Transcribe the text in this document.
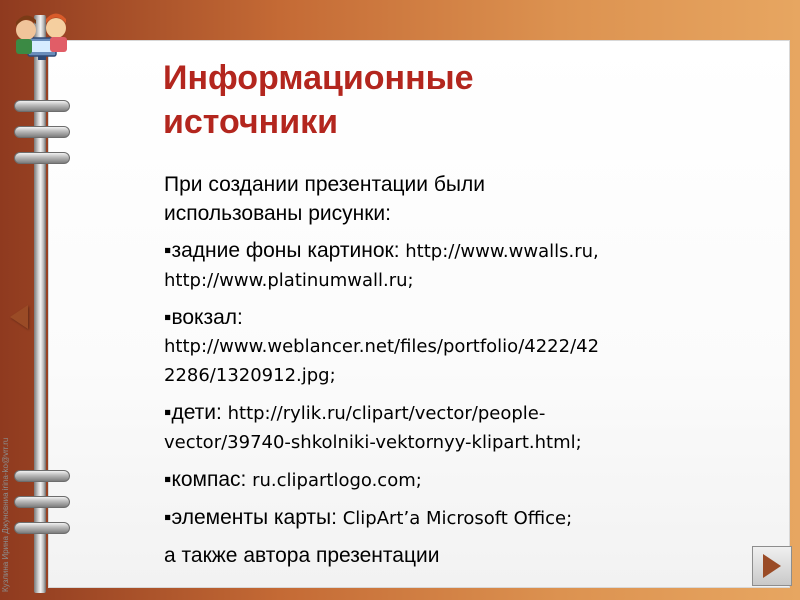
Кузлина Ирина Джуновниа irina-ko@vrr.ru
Информационные
источники
При создании презентации были
использованы рисунки:
▪задние фоны картинок: http://www.wwalls.ru,
http://www.platinumwall.ru;
▪вокзал:
http://www.weblancer.net/files/portfolio/4222/42
2286/1320912.jpg;
▪дети: http://rylik.ru/clipart/vector/people-
vector/39740-shkolniki-vektornyy-klipart.html;
▪компас: ru.clipartlogo.com;
▪элементы карты: ClipArt’a Microsoft Office;
а также автора презентации
